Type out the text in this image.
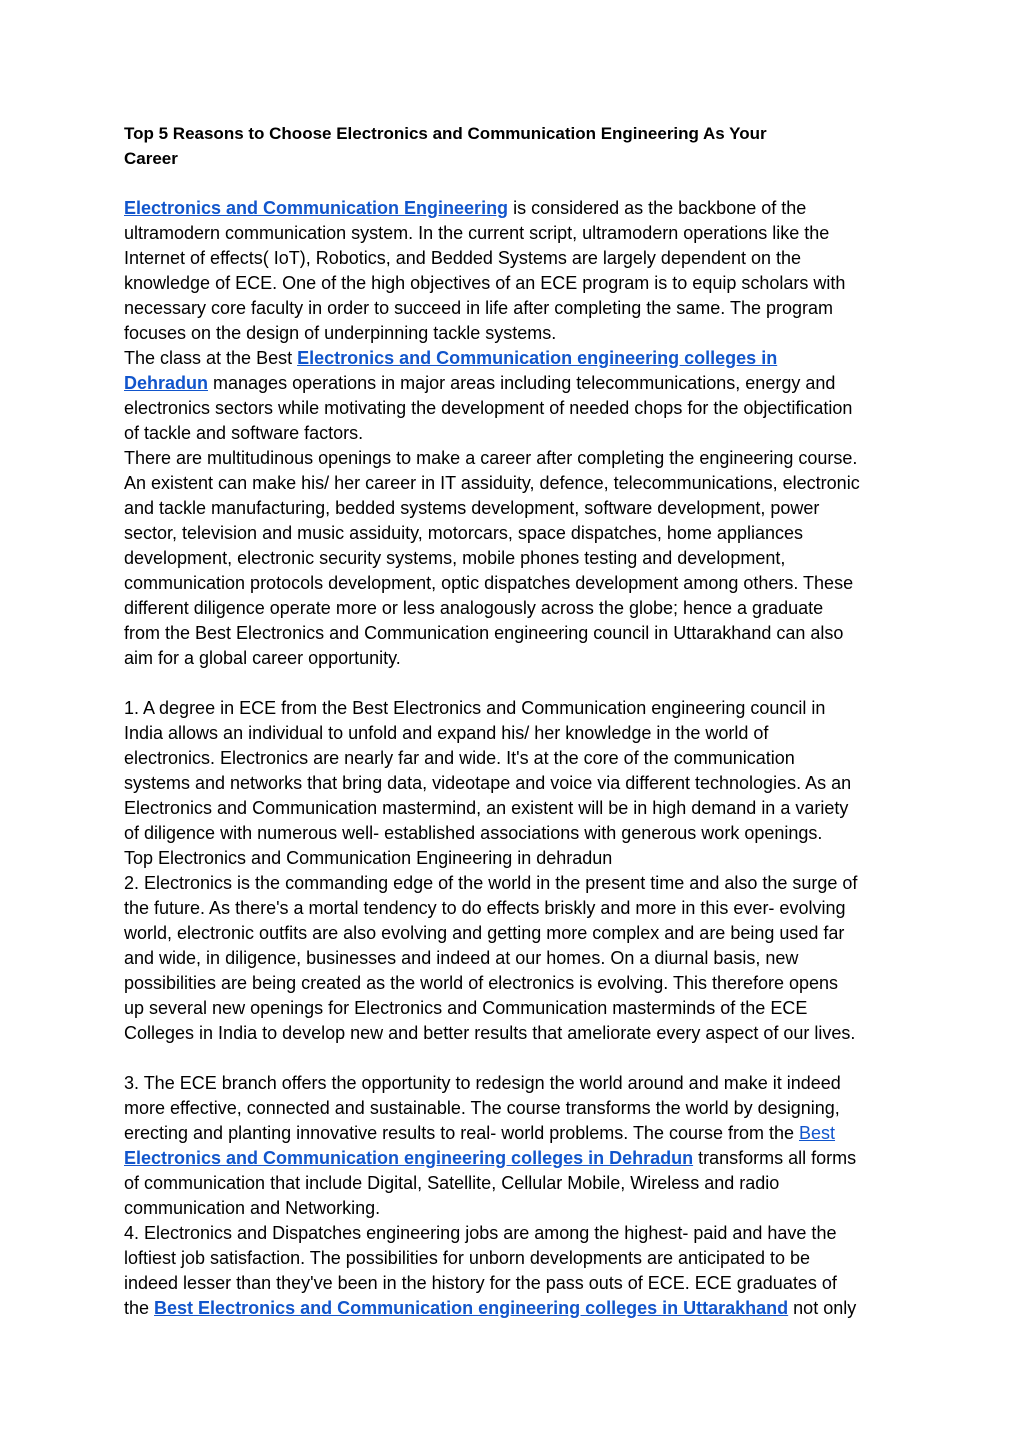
Top 5 Reasons to Choose Electronics and Communication Engineering As Your
Career

Electronics and Communication Engineering is considered as the backbone of the
ultramodern communication system. In the current script, ultramodern operations like the
Internet of effects( IoT), Robotics, and Bedded Systems are largely dependent on the
knowledge of ECE. One of the high objectives of an ECE program is to equip scholars with
necessary core faculty in order to succeed in life after completing the same. The program
focuses on the design of underpinning tackle systems.

The class at the Best Electronics and Communication engineering colleges in
Dehradun manages operations in major areas including telecommunications, energy and
electronics sectors while motivating the development of needed chops for the objectification
of tackle and software factors.

There are multitudinous openings to make a career after completing the engineering course.
An existent can make his/ her career in IT assiduity, defence, telecommunications, electronic
and tackle manufacturing, bedded systems development, software development, power
sector, television and music assiduity, motorcars, space dispatches, home appliances
development, electronic security systems, mobile phones testing and development,
communication protocols development, optic dispatches development among others. These
different diligence operate more or less analogously across the globe; hence a graduate
from the Best Electronics and Communication engineering council in Uttarakhand can also
aim for a global career opportunity.

1. A degree in ECE from the Best Electronics and Communication engineering council in
India allows an individual to unfold and expand his/ her knowledge in the world of
electronics. Electronics are nearly far and wide. It's at the core of the communication
systems and networks that bring data, videotape and voice via different technologies. As an
Electronics and Communication mastermind, an existent will be in high demand in a variety
of diligence with numerous well- established associations with generous work openings.
Top Electronics and Communication Engineering in dehradun

2. Electronics is the commanding edge of the world in the present time and also the surge of
the future. As there's a mortal tendency to do effects briskly and more in this ever- evolving
world, electronic outfits are also evolving and getting more complex and are being used far
and wide, in diligence, businesses and indeed at our homes. On a diurnal basis, new
possibilities are being created as the world of electronics is evolving. This therefore opens
up several new openings for Electronics and Communication masterminds of the ECE
Colleges in India to develop new and better results that ameliorate every aspect of our lives.

3. The ECE branch offers the opportunity to redesign the world around and make it indeed
more effective, connected and sustainable. The course transforms the world by designing,
erecting and planting innovative results to real- world problems. The course from the Best
Electronics and Communication engineering colleges in Dehradun transforms all forms
of communication that include Digital, Satellite, Cellular Mobile, Wireless and radio
communication and Networking.

4. Electronics and Dispatches engineering jobs are among the highest- paid and have the
loftiest job satisfaction. The possibilities for unborn developments are anticipated to be
indeed lesser than they've been in the history for the pass outs of ECE. ECE graduates of
the Best Electronics and Communication engineering colleges in Uttarakhand not only
